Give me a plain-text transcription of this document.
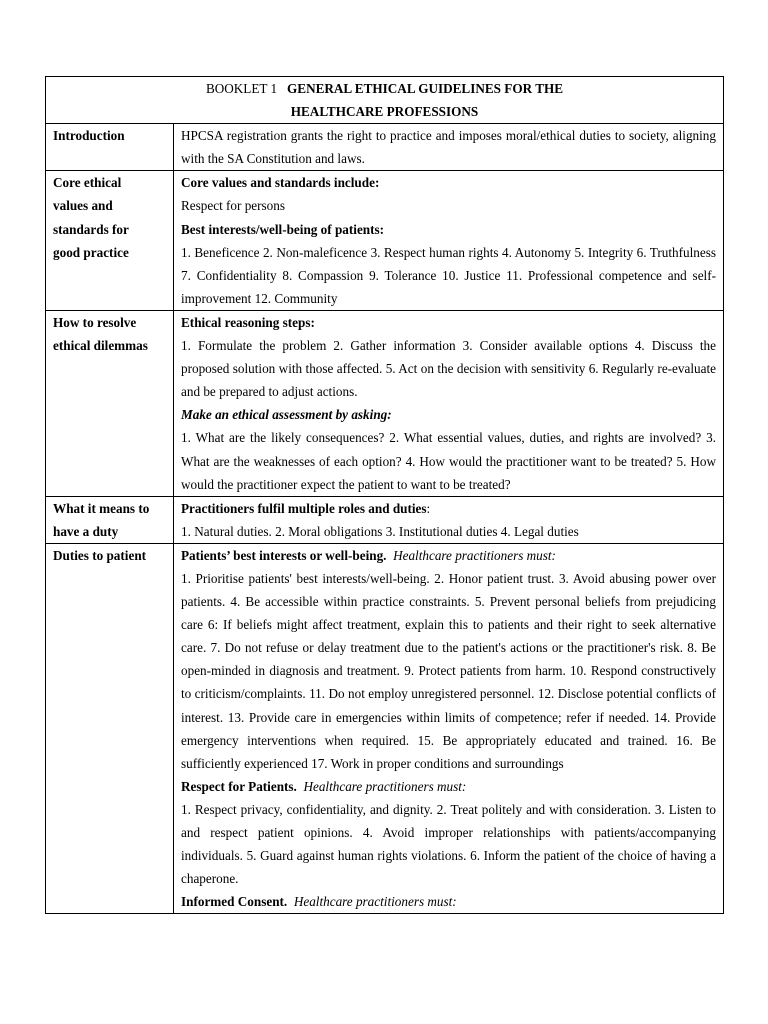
BOOKLET 1 GENERAL ETHICAL GUIDELINES FOR THE

HEALTHCARE PROFESSIONS	

Introduction	HPCSA registration grants the right to practice and imposes moral/ethical duties to society, aligning with the SA Constitution and laws.

Core ethical values and standards for good practice	Core values and standards include:

Respect for persons

Best interests/well-being of patients:

1. Beneficence 2. Non-maleficence 3. Respect human rights 4. Autonomy 5. Integrity 6. Truthfulness 7. Confidentiality 8. Compassion 9. Tolerance 10. Justice 11. Professional competence and self-improvement 12. Community

How to resolve ethical dilemmas	Ethical reasoning steps:

1. Formulate the problem 2. Gather information 3. Consider available options 4. Discuss the proposed solution with those affected. 5. Act on the decision with sensitivity 6. Regularly re-evaluate and be prepared to adjust actions.

Make an ethical assessment by asking:

1. What are the likely consequences? 2. What essential values, duties, and rights are involved? 3. What are the weaknesses of each option? 4. How would the practitioner want to be treated? 5. How would the practitioner expect the patient to want to be treated?

What it means to have a duty	Practitioners fulfil multiple roles and duties:

1. Natural duties. 2. Moral obligations 3. Institutional duties 4. Legal duties

Duties to patient	Patients’ best interests or well-being. Healthcare practitioners must:

1. Prioritise patients' best interests/well-being. 2. Honor patient trust. 3. Avoid abusing power over patients. 4. Be accessible within practice constraints. 5. Prevent personal beliefs from prejudicing care 6: If beliefs might affect treatment, explain this to patients and their right to seek alternative care. 7. Do not refuse or delay treatment due to the patient's actions or the practitioner's risk. 8. Be open-minded in diagnosis and treatment. 9. Protect patients from harm. 10. Respond constructively to criticism/complaints. 11. Do not employ unregistered personnel. 12. Disclose potential conflicts of interest. 13. Provide care in emergencies within limits of competence; refer if needed. 14. Provide emergency interventions when required. 15. Be appropriately educated and trained. 16. Be sufficiently experienced 17. Work in proper conditions and surroundings

Respect for Patients. Healthcare practitioners must:

1. Respect privacy, confidentiality, and dignity. 2. Treat politely and with consideration. 3. Listen to and respect patient opinions. 4. Avoid improper relationships with patients/accompanying individuals. 5. Guard against human rights violations. 6. Inform the patient of the choice of having a chaperone.

Informed Consent. Healthcare practitioners must:
